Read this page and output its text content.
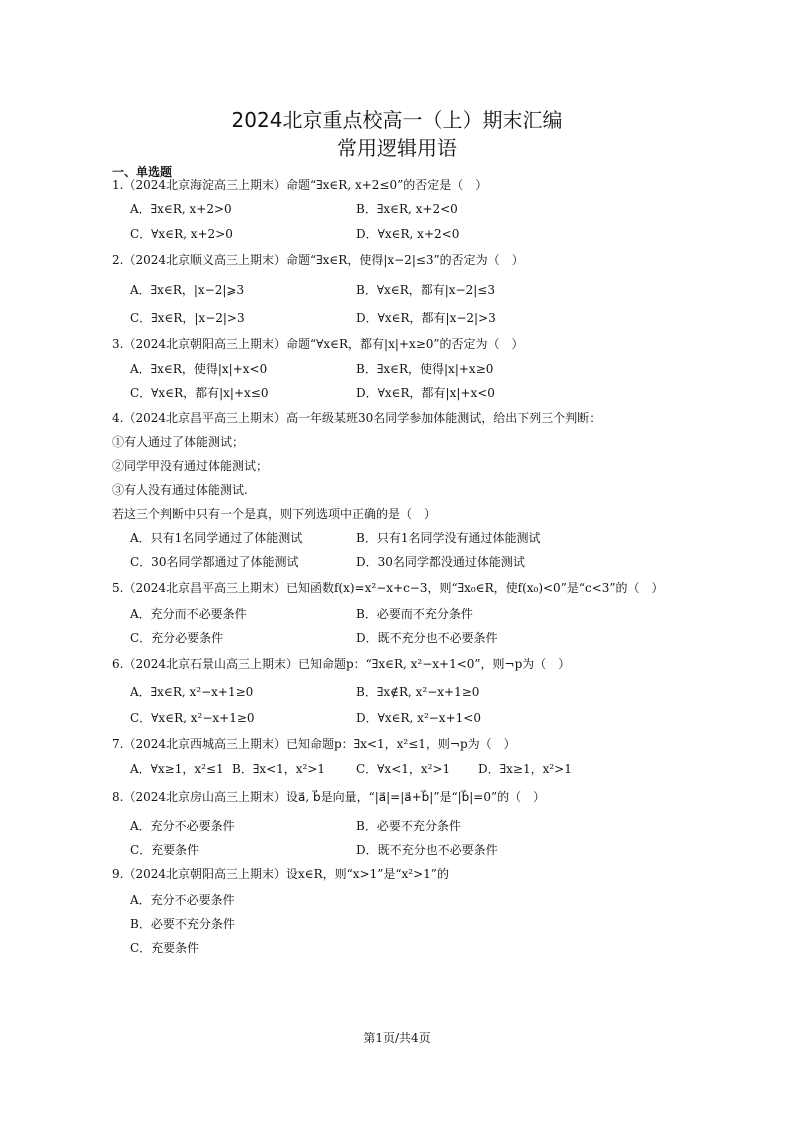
2024北京重点校高一（上）期末汇编
常用逻辑用语
一、单选题
1.（2024北京海淀高三上期末）命题“∃x∈R, x+2≤0”的否定是（　）
A．∃x∈R, x+2>0	B．∃x∈R, x+2<0
C．∀x∈R, x+2>0	D．∀x∈R, x+2<0
2.（2024北京顺义高三上期末）命题“∃x∈R，使得|x−2|≤3”的否定为（　）
A．∃x∈R，|x−2|⩾3	B．∀x∈R，都有|x−2|≤3
C．∃x∈R，|x−2|>3	D．∀x∈R，都有|x−2|>3
3.（2024北京朝阳高三上期末）命题“∀x∈R，都有|x|+x≥0”的否定为（　）
A．∃x∈R，使得|x|+x<0	B．∃x∈R，使得|x|+x≥0
C．∀x∈R，都有|x|+x≤0	D．∀x∈R，都有|x|+x<0
4.（2024北京昌平高三上期末）高一年级某班30名同学参加体能测试，给出下列三个判断：
①有人通过了体能测试；
②同学甲没有通过体能测试；
③有人没有通过体能测试.
若这三个判断中只有一个是真，则下列选项中正确的是（　）
A．只有1名同学通过了体能测试	B．只有1名同学没有通过体能测试
C．30名同学都通过了体能测试	D．30名同学都没通过体能测试
5.（2024北京昌平高三上期末）已知函数f(x)=x²−x+c−3，则“∃x₀∈R，使f(x₀)<0”是“c<3”的（　）
A．充分而不必要条件	B．必要而不充分条件
C．充分必要条件	D．既不充分也不必要条件
6.（2024北京石景山高三上期末）已知命题p：“∃x∈R, x²−x+1<0”，则¬p为（　）
A．∃x∈R, x²−x+1≥0	B．∃x∉R, x²−x+1≥0
C．∀x∈R, x²−x+1≥0	D．∀x∈R, x²−x+1<0
7.（2024北京西城高三上期末）已知命题p：∃x<1，x²≤1，则¬p为（　）
A．∀x≥1，x²≤1 B．∃x<1，x²>1	C．∀x<1，x²>1 D．∃x≥1，x²>1
8.（2024北京房山高三上期末）设a⃗, b⃗是向量，“|a⃗|=|a⃗+b⃗|”是“|b⃗|=0”的（　）
A．充分不必要条件	B．必要不充分条件
C．充要条件	D．既不充分也不必要条件
9.（2024北京朝阳高三上期末）设x∈R，则“x>1”是“x²>1”的
A．充分不必要条件
B．必要不充分条件
C．充要条件
第1页/共4页
